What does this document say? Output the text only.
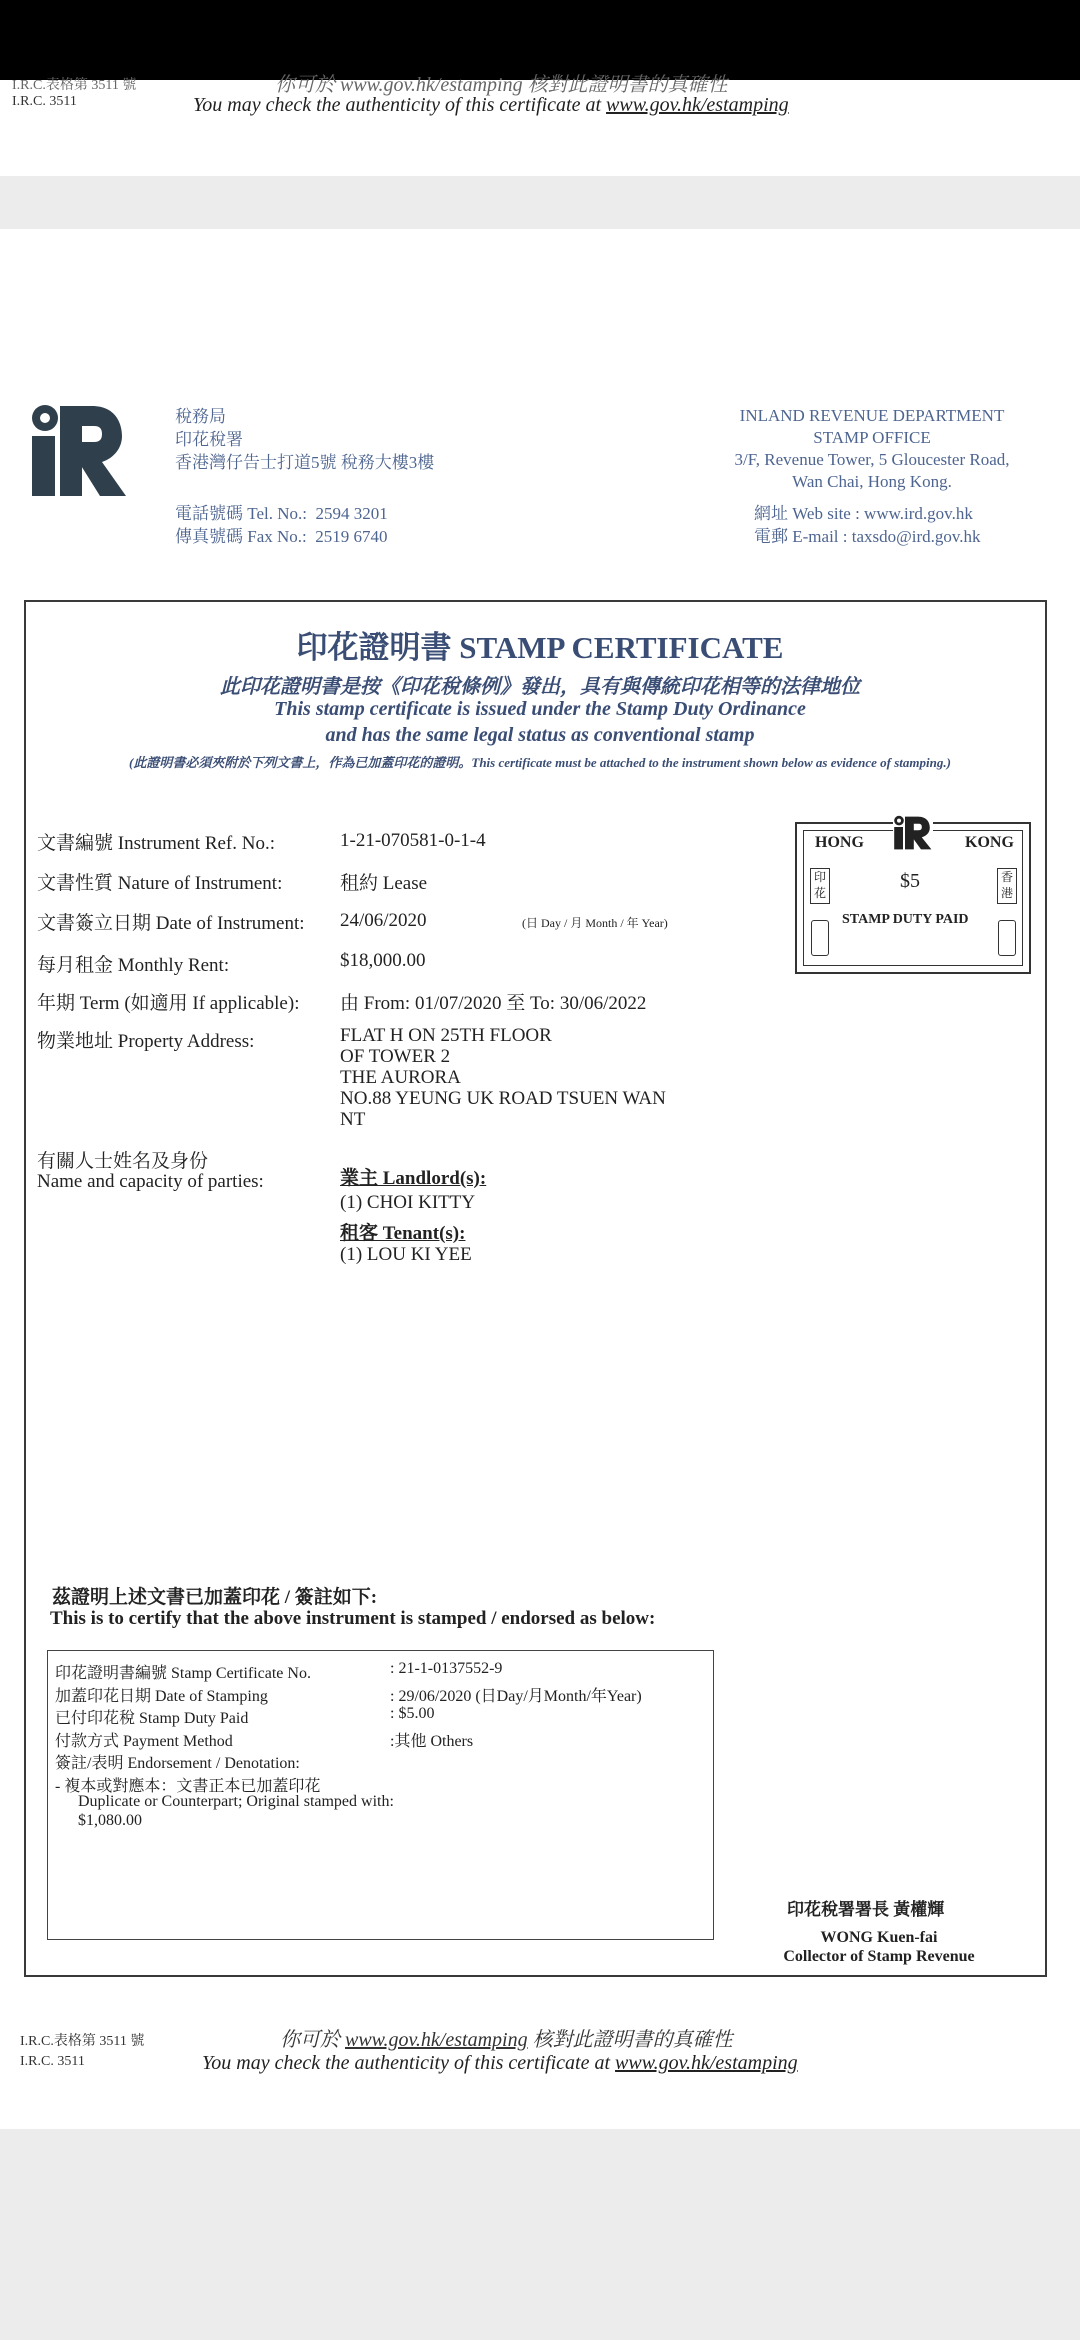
I.R.C.表格第 3511 號
I.R.C. 3511
你可於 www.gov.hk/estamping 核對此證明書的真確性
You may check the authenticity of this certificate at www.gov.hk/estamping
稅務局
印花稅署
香港灣仔告士打道5號 稅務大樓3樓
電話號碼 Tel. No.: 2594 3201
傳真號碼 Fax No.: 2519 6740
INLAND REVENUE DEPARTMENT
STAMP OFFICE
3/F, Revenue Tower, 5 Gloucester Road,
Wan Chai, Hong Kong.
網址 Web site : www.ird.gov.hk
電郵 E-mail : taxsdo@ird.gov.hk
印花證明書 STAMP CERTIFICATE
此印花證明書是按《印花稅條例》發出，具有與傳統印花相等的法律地位
This stamp certificate is issued under the Stamp Duty Ordinance
and has the same legal status as conventional stamp
(此證明書必須夾附於下列文書上，作為已加蓋印花的證明。This certificate must be attached to the instrument shown below as evidence of stamping.)
文書編號 Instrument Ref. No.:	1-21-070581-0-1-4
文書性質 Nature of Instrument:	租約 Lease
文書簽立日期 Date of Instrument: 24/06/2020	(日 Day / 月 Month / 年 Year)
每月租金 Monthly Rent:	$18,000.00
年期 Term (如適用 If applicable): 由 From: 01/07/2020 至 To: 30/06/2022
物業地址 Property Address:	FLAT H ON 25TH FLOOR
OF TOWER 2
THE AURORA
NO.88 YEUNG UK ROAD TSUEN WAN
NT
有關人士姓名及身份
Name and capacity of parties:	業主 Landlord(s):
(1) CHOI KITTY
租客 Tenant(s):
(1) LOU KI YEE
HONG	KONG
$5
印花
香港
STAMP DUTY PAID
茲證明上述文書已加蓋印花 / 簽註如下:
This is to certify that the above instrument is stamped / endorsed as below:
印花證明書編號 Stamp Certificate No.	: 21-1-0137552-9
加蓋印花日期 Date of Stamping	: 29/06/2020 (日Day/月Month/年Year)
已付印花稅 Stamp Duty Paid	: $5.00
付款方式 Payment Method	:其他 Others
簽註/表明 Endorsement / Denotation:
- 複本或對應本：文書正本已加蓋印花
Duplicate or Counterpart; Original stamped with:
$1,080.00
印花稅署署長 黃權輝
WONG Kuen-fai
Collector of Stamp Revenue
I.R.C.表格第 3511 號
I.R.C. 3511
你可於 www.gov.hk/estamping 核對此證明書的真確性
You may check the authenticity of this certificate at www.gov.hk/estamping
